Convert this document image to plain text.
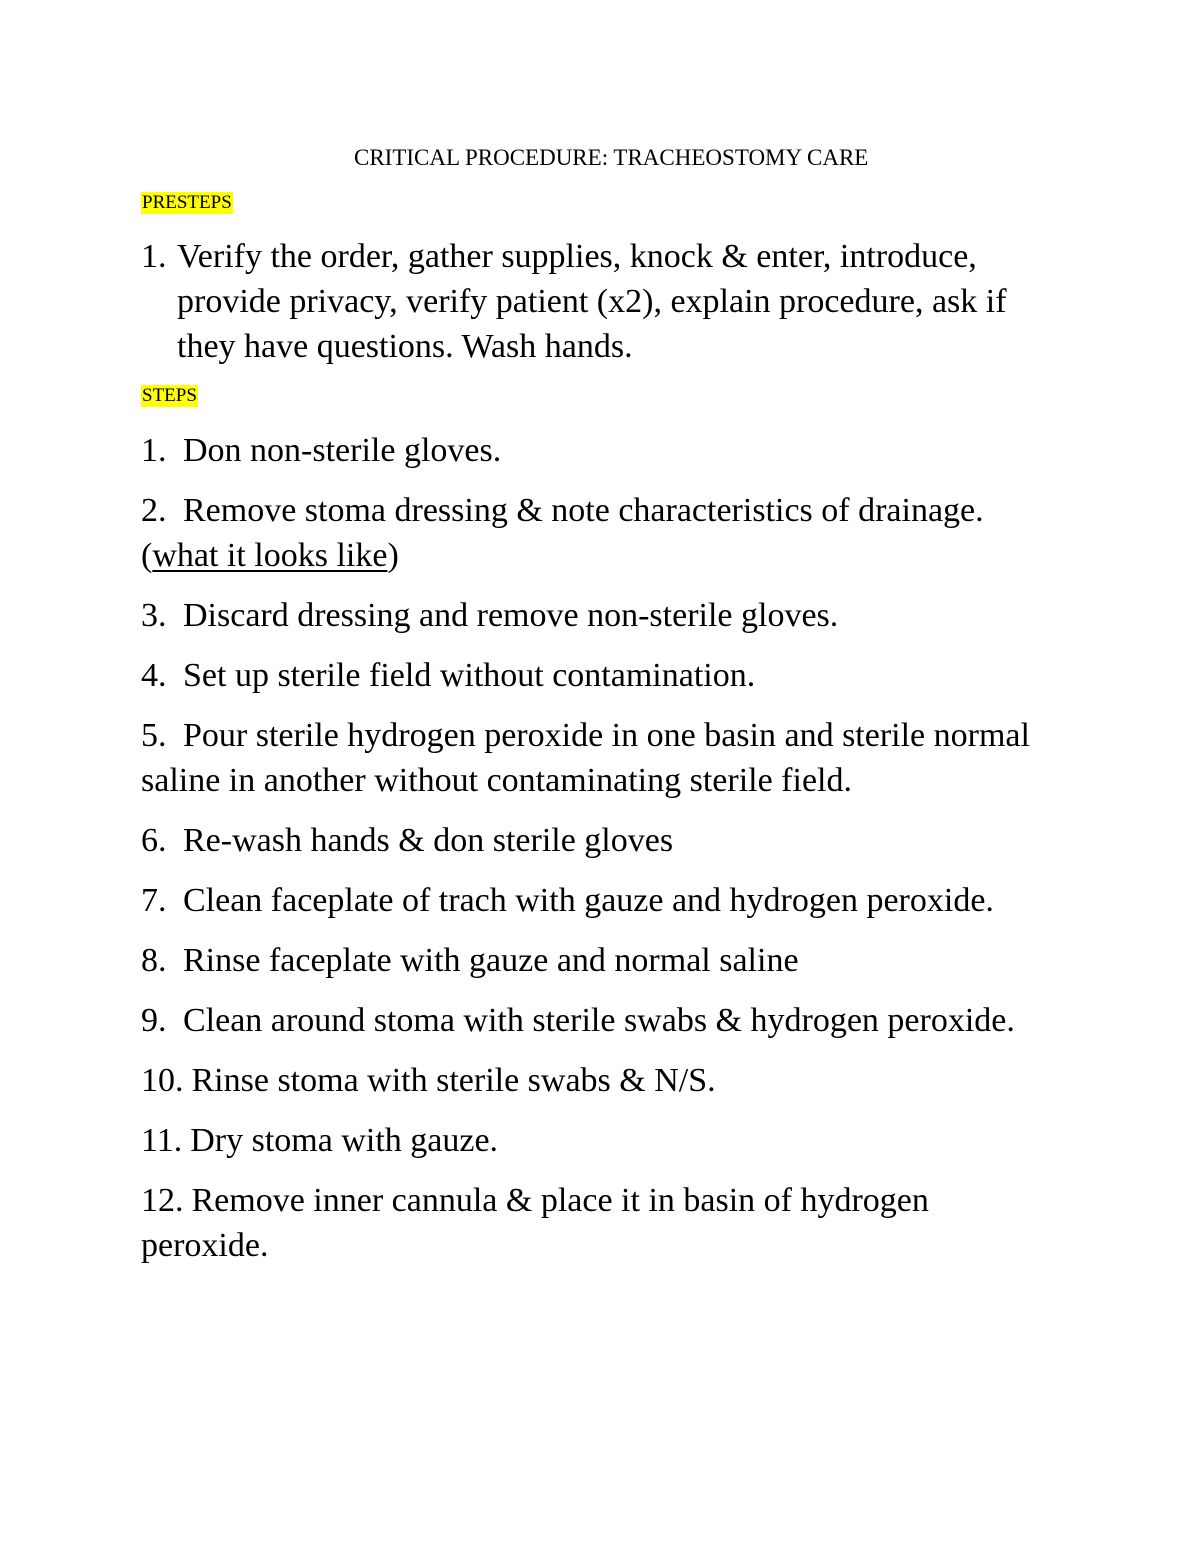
CRITICAL PROCEDURE: TRACHEOSTOMY CARE
PRESTEPS
1. Verify the order, gather supplies, knock & enter, introduce, provide privacy, verify patient (x2), explain procedure, ask if they have questions. Wash hands.
STEPS
1. Don non-sterile gloves.
2. Remove stoma dressing & note characteristics of drainage. (what it looks like)
3. Discard dressing and remove non-sterile gloves.
4. Set up sterile field without contamination.
5. Pour sterile hydrogen peroxide in one basin and sterile normal saline in another without contaminating sterile field.
6. Re-wash hands & don sterile gloves
7. Clean faceplate of trach with gauze and hydrogen peroxide.
8. Rinse faceplate with gauze and normal saline
9. Clean around stoma with sterile swabs & hydrogen peroxide.
10. Rinse stoma with sterile swabs & N/S.
11. Dry stoma with gauze.
12. Remove inner cannula & place it in basin of hydrogen peroxide.
